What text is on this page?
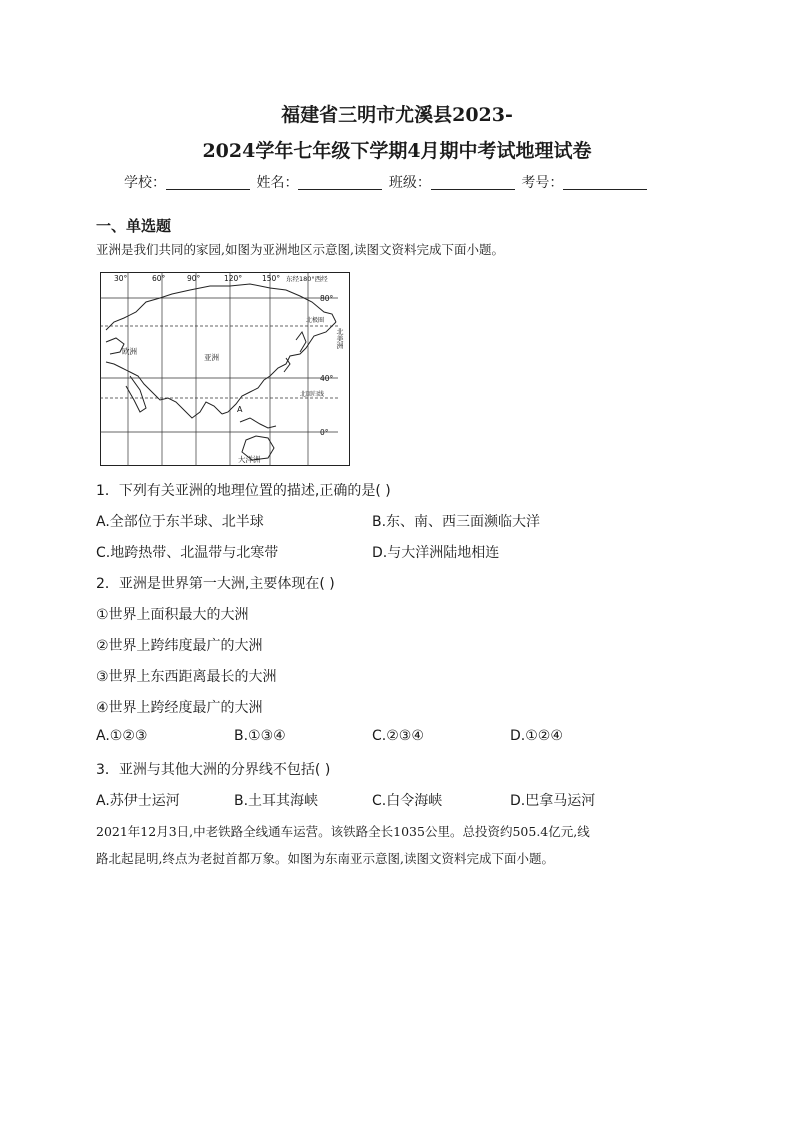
福建省三明市尤溪县2023-
2024学年七年级下学期4月期中考试地理试卷
学校：	姓名：	班级：	考号：
一、单选题
亚洲是我们共同的家园,如图为亚洲地区示意图,读图文资料完成下面小题。
30°	60°	90°	120°	150° 东经180°西经
80°
40°
0°
北回归线
北极圈
欧洲
亚洲
大洋洲
A
北美洲
1．下列有关亚洲的地理位置的描述,正确的是( )
A.全部位于东半球、北半球	B.东、南、西三面濒临大洋
C.地跨热带、北温带与北寒带	D.与大洋洲陆地相连
2．亚洲是世界第一大洲,主要体现在( )
①世界上面积最大的大洲
②世界上跨纬度最广的大洲
③世界上东西距离最长的大洲
④世界上跨经度最广的大洲
A.①②③	B.①③④	C.②③④	D.①②④
3．亚洲与其他大洲的分界线不包括( )
A.苏伊士运河	B.土耳其海峡	C.白令海峡	D.巴拿马运河
2021年12月3日,中老铁路全线通车运营。该铁路全长1035公里。总投资约505.4亿元,线
路北起昆明,终点为老挝首都万象。如图为东南亚示意图,读图文资料完成下面小题。
